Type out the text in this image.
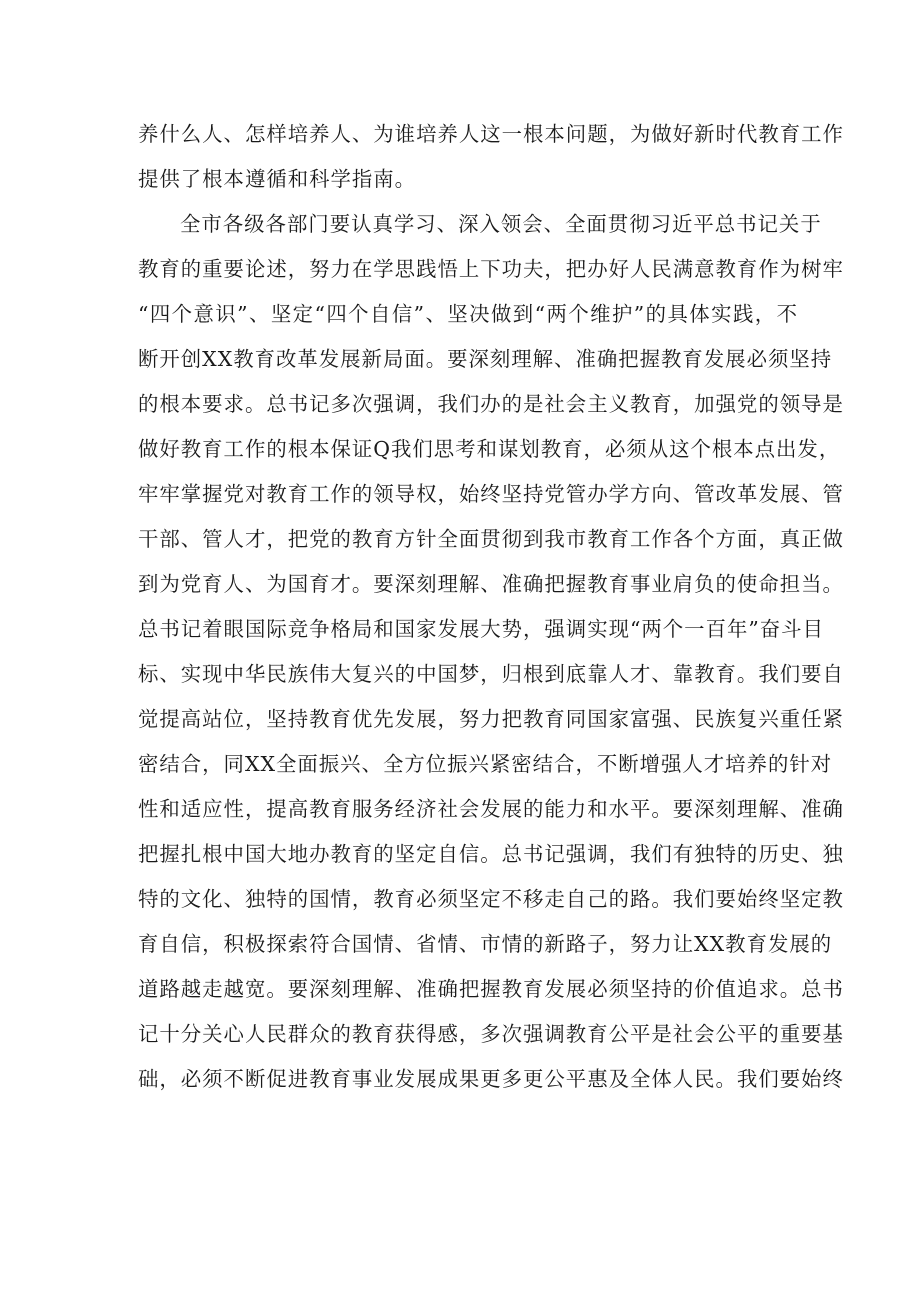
养什么人、怎样培养人、为谁培养人这一根本问题，为做好新时代教育工作
提供了根本遵循和科学指南。
全市各级各部门要认真学习、深入领会、全面贯彻习近平总书记关于
教育的重要论述，努力在学思践悟上下功夫，把办好人民满意教育作为树牢
“四个意识”、坚定“四个自信”、坚决做到“两个维护”的具体实践，不
断开创XX教育改革发展新局面。要深刻理解、准确把握教育发展必须坚持
的根本要求。总书记多次强调，我们办的是社会主义教育，加强党的领导是
做好教育工作的根本保证Q我们思考和谋划教育，必须从这个根本点出发，
牢牢掌握党对教育工作的领导权，始终坚持党管办学方向、管改革发展、管
干部、管人才，把党的教育方针全面贯彻到我市教育工作各个方面，真正做
到为党育人、为国育才。要深刻理解、准确把握教育事业肩负的使命担当。
总书记着眼国际竞争格局和国家发展大势，强调实现“两个一百年”奋斗目
标、实现中华民族伟大复兴的中国梦，归根到底靠人才、靠教育。我们要自
觉提高站位，坚持教育优先发展，努力把教育同国家富强、民族复兴重任紧
密结合，同XX全面振兴、全方位振兴紧密结合，不断增强人才培养的针对
性和适应性，提高教育服务经济社会发展的能力和水平。要深刻理解、准确
把握扎根中国大地办教育的坚定自信。总书记强调，我们有独特的历史、独
特的文化、独特的国情，教育必须坚定不移走自己的路。我们要始终坚定教
育自信，积极探索符合国情、省情、市情的新路子，努力让XX教育发展的
道路越走越宽。要深刻理解、准确把握教育发展必须坚持的价值追求。总书
记十分关心人民群众的教育获得感，多次强调教育公平是社会公平的重要基
础，必须不断促进教育事业发展成果更多更公平惠及全体人民。我们要始终
